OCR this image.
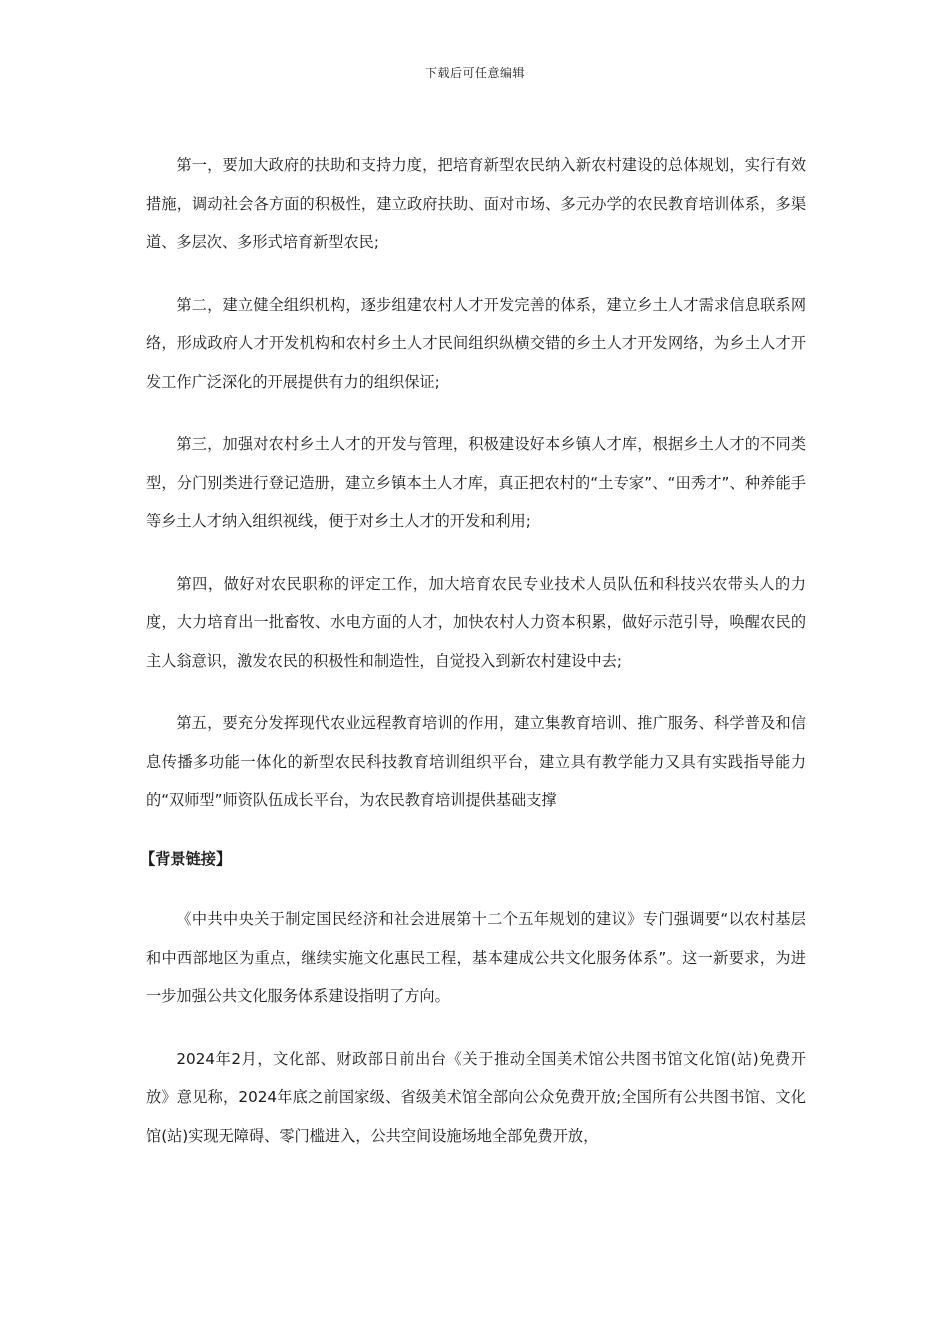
下载后可任意编辑

第一，要加大政府的扶助和支持力度，把培育新型农民纳入新农村建设的总体规划，实行有效措施，调动社会各方面的积极性，建立政府扶助、面对市场、多元办学的农民教育培训体系，多渠道、多层次、多形式培育新型农民;

第二，建立健全组织机构，逐步组建农村人才开发完善的体系，建立乡土人才需求信息联系网络，形成政府人才开发机构和农村乡土人才民间组织纵横交错的乡土人才开发网络，为乡土人才开发工作广泛深化的开展提供有力的组织保证;

第三，加强对农村乡土人才的开发与管理，积极建设好本乡镇人才库，根据乡土人才的不同类型，分门别类进行登记造册，建立乡镇本土人才库，真正把农村的“土专家”、“田秀才”、种养能手等乡土人才纳入组织视线，便于对乡土人才的开发和利用;

第四，做好对农民职称的评定工作，加大培育农民专业技术人员队伍和科技兴农带头人的力度，大力培育出一批畜牧、水电方面的人才，加快农村人力资本积累，做好示范引导，唤醒农民的主人翁意识，激发农民的积极性和制造性，自觉投入到新农村建设中去;

第五，要充分发挥现代农业远程教育培训的作用，建立集教育培训、推广服务、科学普及和信息传播多功能一体化的新型农民科技教育培训组织平台，建立具有教学能力又具有实践指导能力的“双师型”师资队伍成长平台，为农民教育培训提供基础支撑

【背景链接】

《中共中央关于制定国民经济和社会进展第十二个五年规划的建议》专门强调要“以农村基层和中西部地区为重点，继续实施文化惠民工程，基本建成公共文化服务体系”。这一新要求，为进一步加强公共文化服务体系建设指明了方向。

2024年2月，文化部、财政部日前出台《关于推动全国美术馆公共图书馆文化馆(站)免费开放》意见称，2024年底之前国家级、省级美术馆全部向公众免费开放;全国所有公共图书馆、文化馆(站)实现无障碍、零门槛进入，公共空间设施场地全部免费开放，
